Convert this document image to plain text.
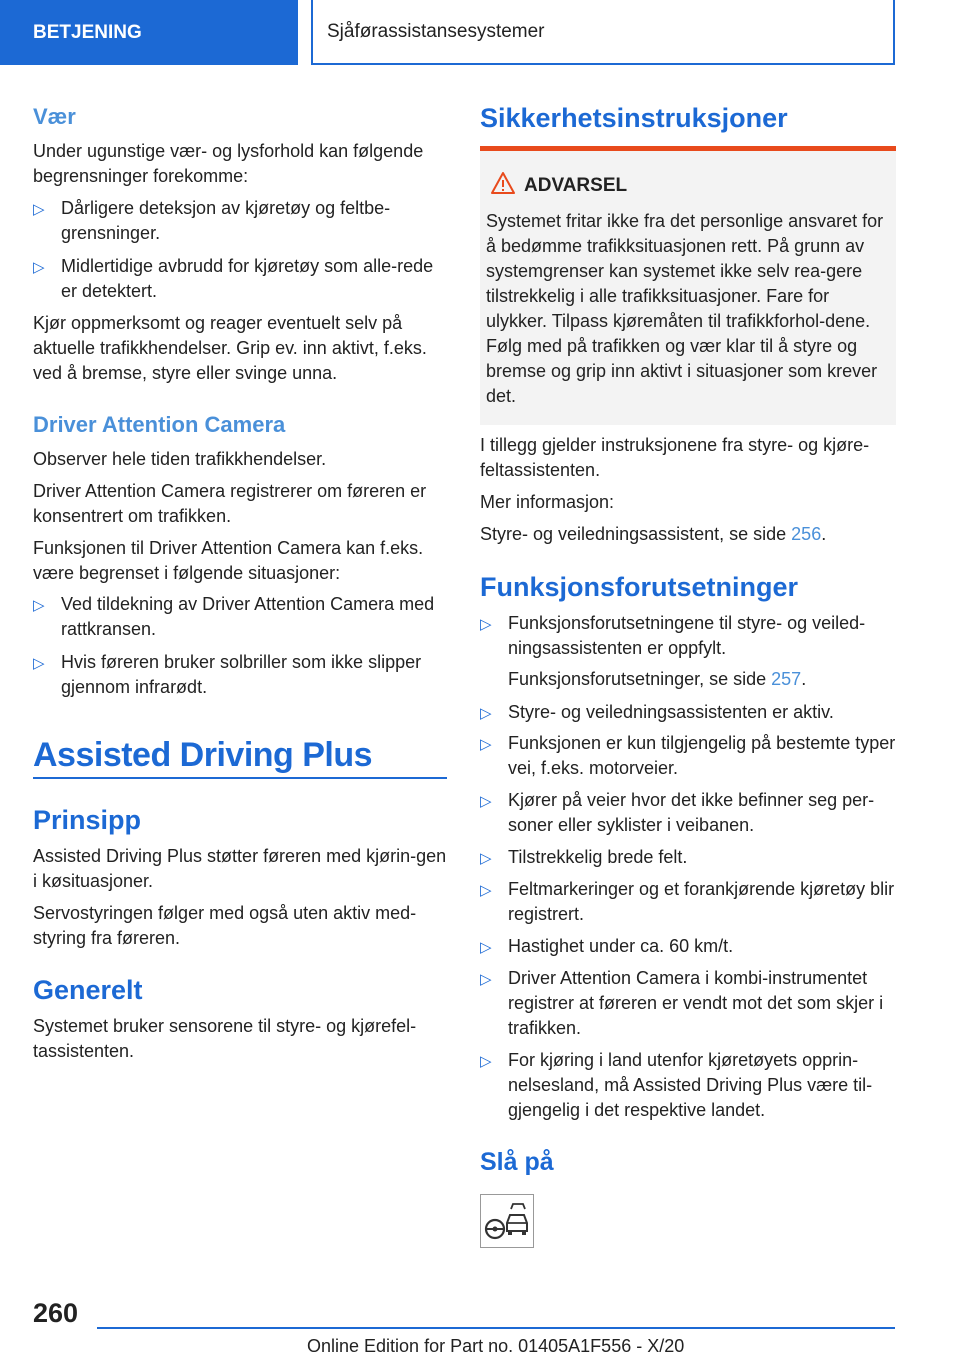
BETJENING	Sjåførassistansesystemer
Vær

Under ugunstige vær- og lysforhold kan følgende begrensninger forekomme:

▷ Dårligere deteksjon av kjøretøy og feltbe-grensninger.
▷ Midlertidige avbrudd for kjøretøy som alle-rede er detektert.

Kjør oppmerksomt og reager eventuelt selv på aktuelle trafikkhendelser. Grip ev. inn aktivt, f.eks. ved å bremse, styre eller svinge unna.

Driver Attention Camera

Observer hele tiden trafikkhendelser.

Driver Attention Camera registrerer om føreren er konsentrert om trafikken.

Funksjonen til Driver Attention Camera kan f.eks. være begrenset i følgende situasjoner:

▷ Ved tildekning av Driver Attention Camera med rattkransen.
▷ Hvis føreren bruker solbriller som ikke slipper gjennom infrarødt.
Assisted Driving Plus
Prinsipp

Assisted Driving Plus støtter føreren med kjørin-gen i køsituasjoner.

Servostyringen følger med også uten aktiv med-styring fra føreren.

Generelt

Systemet bruker sensorene til styre- og kjørefel-tassistenten.

Sikkerhetsinstruksjoner
ADVARSEL
Systemet fritar ikke fra det personlige ansvaret for å bedømme trafikksituasjonen rett. På grunn av systemgrenser kan systemet ikke selv rea-gere tilstrekkelig i alle trafikksituasjoner. Fare for ulykker. Tilpass kjøremåten til trafikkforhol-dene. Følg med på trafikken og vær klar til å styre og bremse og grip inn aktivt i situasjoner som krever det.

I tillegg gjelder instruksjonene fra styre- og kjøre-feltassistenten.

Mer informasjon:

Styre- og veiledningsassistent, se side 256.

Funksjonsforutsetninger
▷ Funksjonsforutsetningene til styre- og veiled-ningsassistenten er oppfylt.

Funksjonsforutsetninger, se side 257.

▷ Styre- og veiledningsassistenten er aktiv.
▷ Funksjonen er kun tilgjengelig på bestemte typer vei, f.eks. motorveier.
▷ Kjører på veier hvor det ikke befinner seg per-soner eller syklister i veibanen.
▷ Tilstrekkelig brede felt.
▷ Feltmarkeringer og et forankjørende kjøretøy blir registrert.
▷ Hastighet under ca. 60 km/t.
▷ Driver Attention Camera i kombi-instrumentet registrer at føreren er vendt mot det som skjer i trafikken.
▷ For kjøring i land utenfor kjøretøyets opprin-nelsesland, må Assisted Driving Plus være til-gjengelig i det respektive landet.
Slå på
260
Online Edition for Part no. 01405A1F556 - X/20
